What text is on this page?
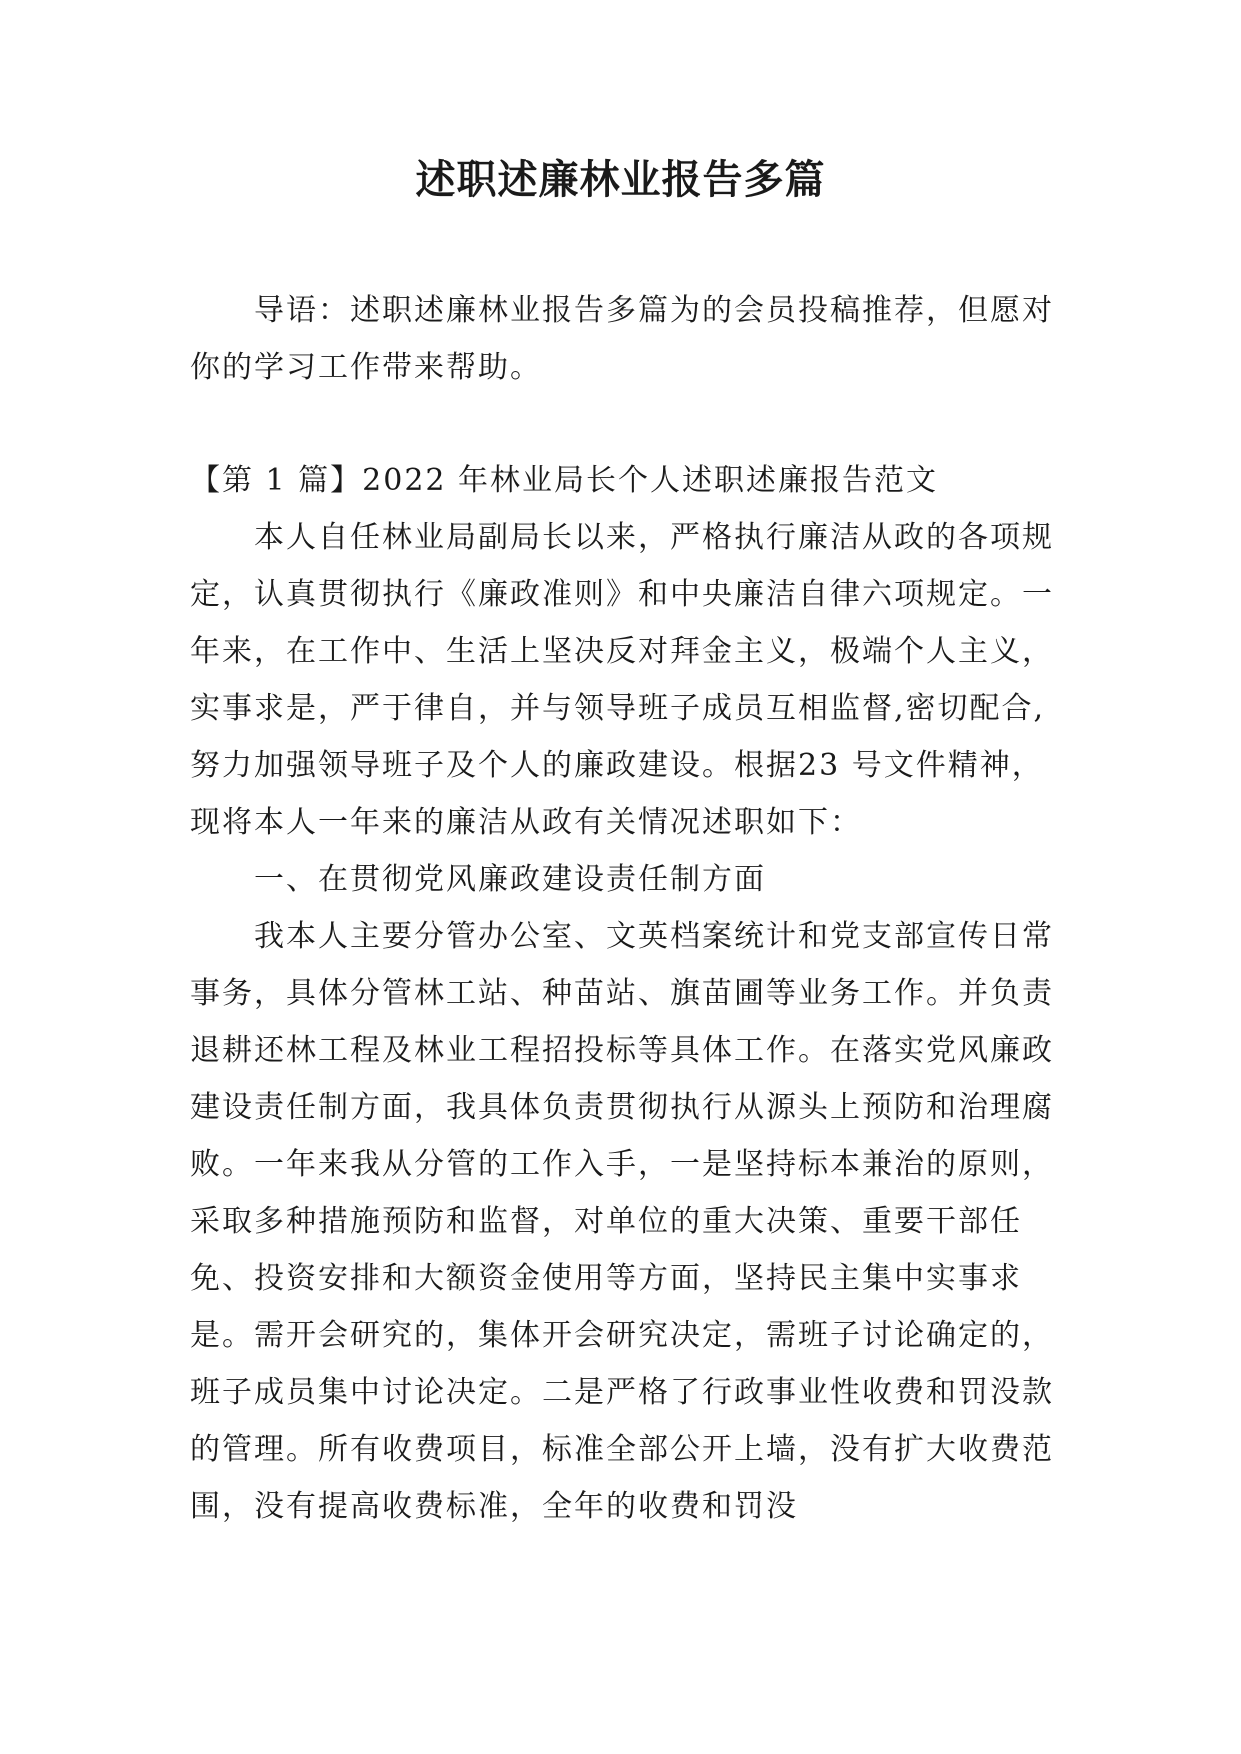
述职述廉林业报告多篇

导语：述职述廉林业报告多篇为的会员投稿推荐，但愿对你的学习工作带来帮助。

【第 1 篇】2022 年林业局长个人述职述廉报告范文

本人自任林业局副局长以来，严格执行廉洁从政的各项规定，认真贯彻执行《廉政准则》和中央廉洁自律六项规定。一年来，在工作中、生活上坚决反对拜金主义，极端个人主义，实事求是，严于律自，并与领导班子成员互相监督,密切配合,努力加强领导班子及个人的廉政建设。根据23 号文件精神，现将本人一年来的廉洁从政有关情况述职如下：

一、在贯彻党风廉政建设责任制方面

我本人主要分管办公室、文英档案统计和党支部宣传日常事务，具体分管林工站、种苗站、旗苗圃等业务工作。并负责退耕还林工程及林业工程招投标等具体工作。在落实党风廉政建设责任制方面，我具体负责贯彻执行从源头上预防和治理腐败。一年来我从分管的工作入手，一是坚持标本兼治的原则，采取多种措施预防和监督，对单位的重大决策、重要干部任免、投资安排和大额资金使用等方面，坚持民主集中实事求是。需开会研究的，集体开会研究决定，需班子讨论确定的，班子成员集中讨论决定。二是严格了行政事业性收费和罚没款的管理。所有收费项目，标准全部公开上墙，没有扩大收费范围，没有提高收费标准，全年的收费和罚没
